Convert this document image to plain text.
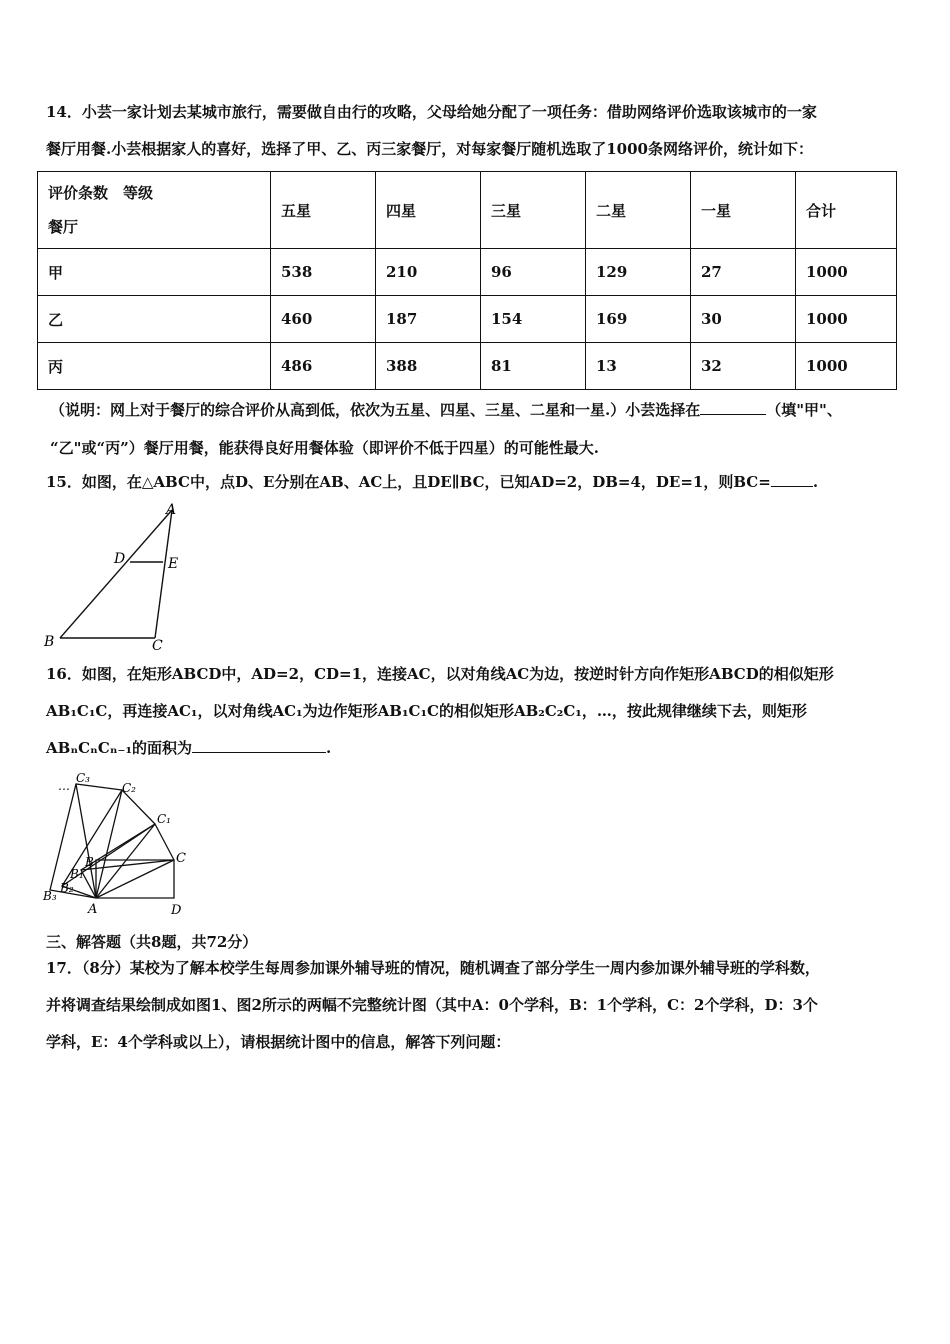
14．小芸一家计划去某城市旅行，需要做自由行的攻略，父母给她分配了一项任务：借助网络评价选取该城市的一家
餐厅用餐.小芸根据家人的喜好，选择了甲、乙、丙三家餐厅，对每家餐厅随机选取了1000条网络评价，统计如下：
评价条数　等级
餐厅	五星	四星	三星	二星	一星	合计
甲	538	210	96	129	27	1000
乙	460	187	154	169	30	1000
丙	486	388	81	13	32	1000
（说明：网上对于餐厅的综合评价从高到低，依次为五星、四星、三星、二星和一星.）小芸选择在	（填"甲"、
“乙"或“丙”）餐厅用餐，能获得良好用餐体验（即评价不低于四星）的可能性最大.
15．如图，在△ABC中，点D、E分别在AB、AC上，且DE∥BC，已知AD=2，DB=4，DE=1，则BC=	.
A
D	E
B	C
16．如图，在矩形ABCD中，AD=2，CD=1，连接AC，以对角线AC为边，按逆时针方向作矩形ABCD的相似矩形
AB₁C₁C，再连接AC₁，以对角线AC₁为边作矩形AB₁C₁C的相似矩形AB₂C₂C₁，…，按此规律继续下去，则矩形
ABₙCₙCₙ₋₁的面积为	.
…
C₃
C₂
C₁
C
B
B₁
B₂
B₃
A	D
三、解答题（共8题，共72分）
17．（8分）某校为了解本校学生每周参加课外辅导班的情况，随机调查了部分学生一周内参加课外辅导班的学科数，
并将调查结果绘制成如图1、图2所示的两幅不完整统计图（其中A：0个学科，B：1个学科，C：2个学科，D：3个
学科，E：4个学科或以上），请根据统计图中的信息，解答下列问题：
